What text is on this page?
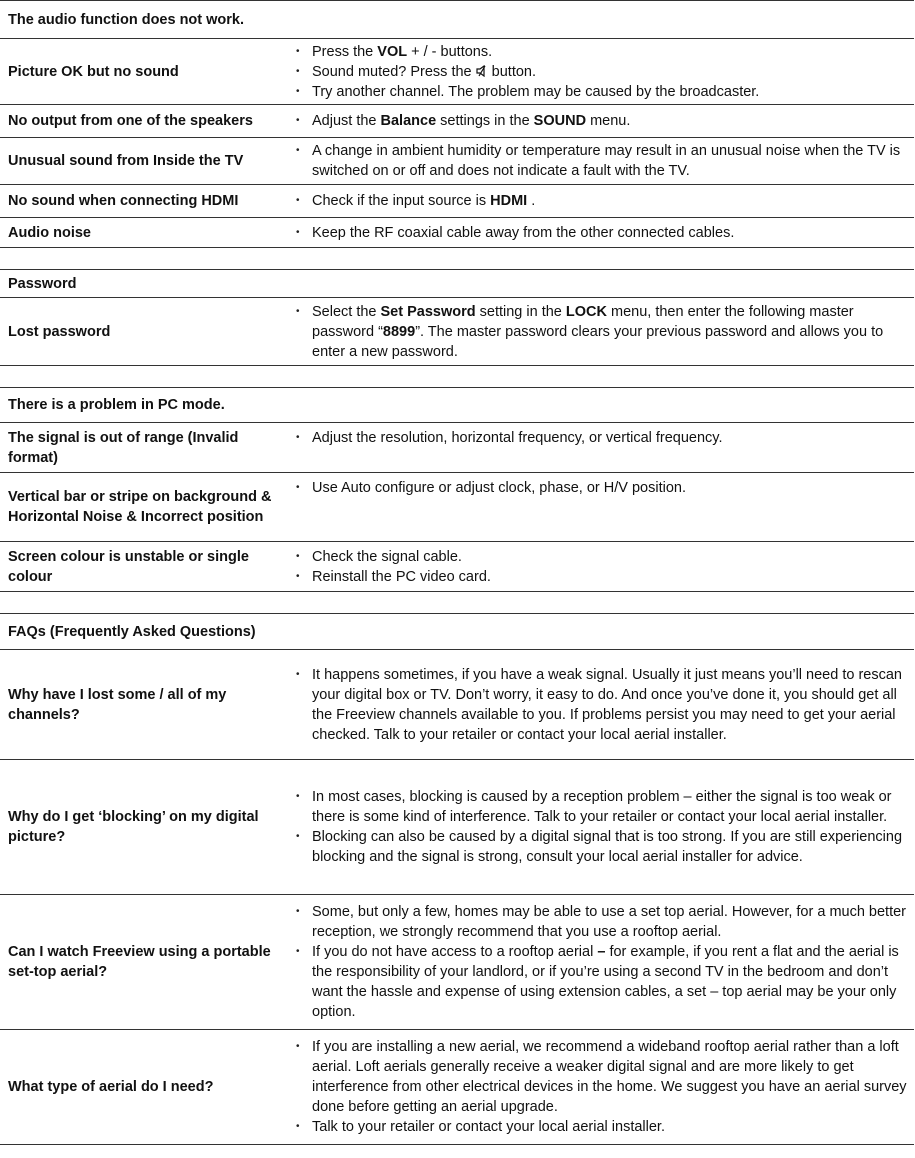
The audio function does not work.
Picture OK but no sound
• Press the VOL + / - buttons.
• Sound muted? Press the  button.
• Try another channel. The problem may be caused by the broadcaster.
No output from one of the speakers	• Adjust the Balance settings in the SOUND menu.
Unusual sound from Inside the TV
• A change in ambient humidity or temperature may result in an unusual noise when the TV is switched on or off and does not indicate a fault with the TV.
No sound when connecting HDMI	• Check if the input source is HDMI .
Audio noise	• Keep the RF coaxial cable away from the other connected cables.
Password
Lost password
• Select the Set Password setting in the LOCK menu, then enter the following master password “8899”. The master password clears your previous password and allows you to enter a new password.
There is a problem in PC mode.
The signal is out of range (Invalid format)
• Adjust the resolution, horizontal frequency, or vertical frequency.
Vertical bar or stripe on background & Horizontal Noise & Incorrect position
• Use Auto configure or adjust clock, phase, or H/V position.
Screen colour is unstable or single colour
• Check the signal cable.
• Reinstall the PC video card.
FAQs (Frequently Asked Questions)
Why have I lost some / all of my channels?
• It happens sometimes, if you have a weak signal. Usually it just means you’ll need to rescan your digital box or TV. Don’t worry, it easy to do. And once you’ve done it, you should get all the Freeview channels available to you. If problems persist you may need to get your aerial checked. Talk to your retailer or contact your local aerial installer.
Why do I get ‘blocking’ on my digital picture?
• In most cases, blocking is caused by a reception problem – either the signal is too weak or there is some kind of interference. Talk to your retailer or contact your local aerial installer.
• Blocking can also be caused by a digital signal that is too strong. If you are still experiencing blocking and the signal is strong, consult your local aerial installer for advice.
Can I watch Freeview using a portable set-top aerial?
• Some, but only a few, homes may be able to use a set top aerial. However, for a much better reception, we strongly recommend that you use a rooftop aerial.
• If you do not have access to a rooftop aerial – for example, if you rent a flat and the aerial is the responsibility of your landlord, or if you’re using a second TV in the bedroom and don’t want the hassle and expense of using extension cables, a set – top aerial may be your only option.
What type of aerial do I need?
• If you are installing a new aerial, we recommend a wideband rooftop aerial rather than a loft aerial. Loft aerials generally receive a weaker digital signal and are more likely to get interference from other electrical devices in the home. We suggest you have an aerial survey done before getting an aerial upgrade.
• Talk to your retailer or contact your local aerial installer.
